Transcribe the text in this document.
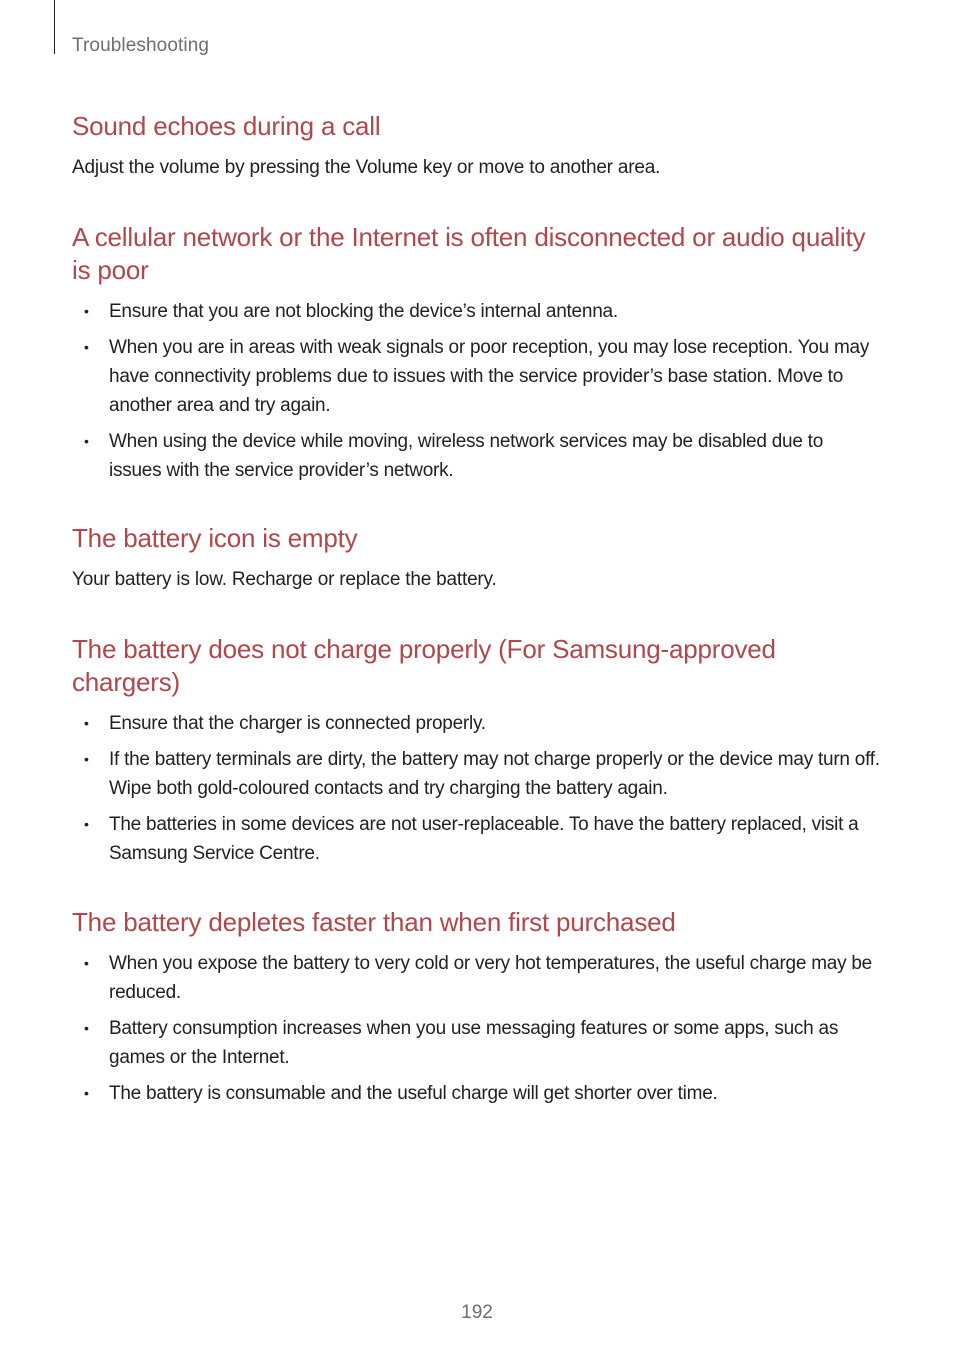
Troubleshooting
Sound echoes during a call

Adjust the volume by pressing the Volume key or move to another area.

A cellular network or the Internet is often disconnected or audio quality is poor
• Ensure that you are not blocking the device’s internal antenna.
• When you are in areas with weak signals or poor reception, you may lose reception. You may have connectivity problems due to issues with the service provider’s base station. Move to another area and try again.
• When using the device while moving, wireless network services may be disabled due to issues with the service provider’s network.
The battery icon is empty

Your battery is low. Recharge or replace the battery.

The battery does not charge properly (For Samsung-approved chargers)
• Ensure that the charger is connected properly.
• If the battery terminals are dirty, the battery may not charge properly or the device may turn off. Wipe both gold-coloured contacts and try charging the battery again.
• The batteries in some devices are not user-replaceable. To have the battery replaced, visit a Samsung Service Centre.
The battery depletes faster than when first purchased
• When you expose the battery to very cold or very hot temperatures, the useful charge may be reduced.
• Battery consumption increases when you use messaging features or some apps, such as games or the Internet.
• The battery is consumable and the useful charge will get shorter over time.
192
